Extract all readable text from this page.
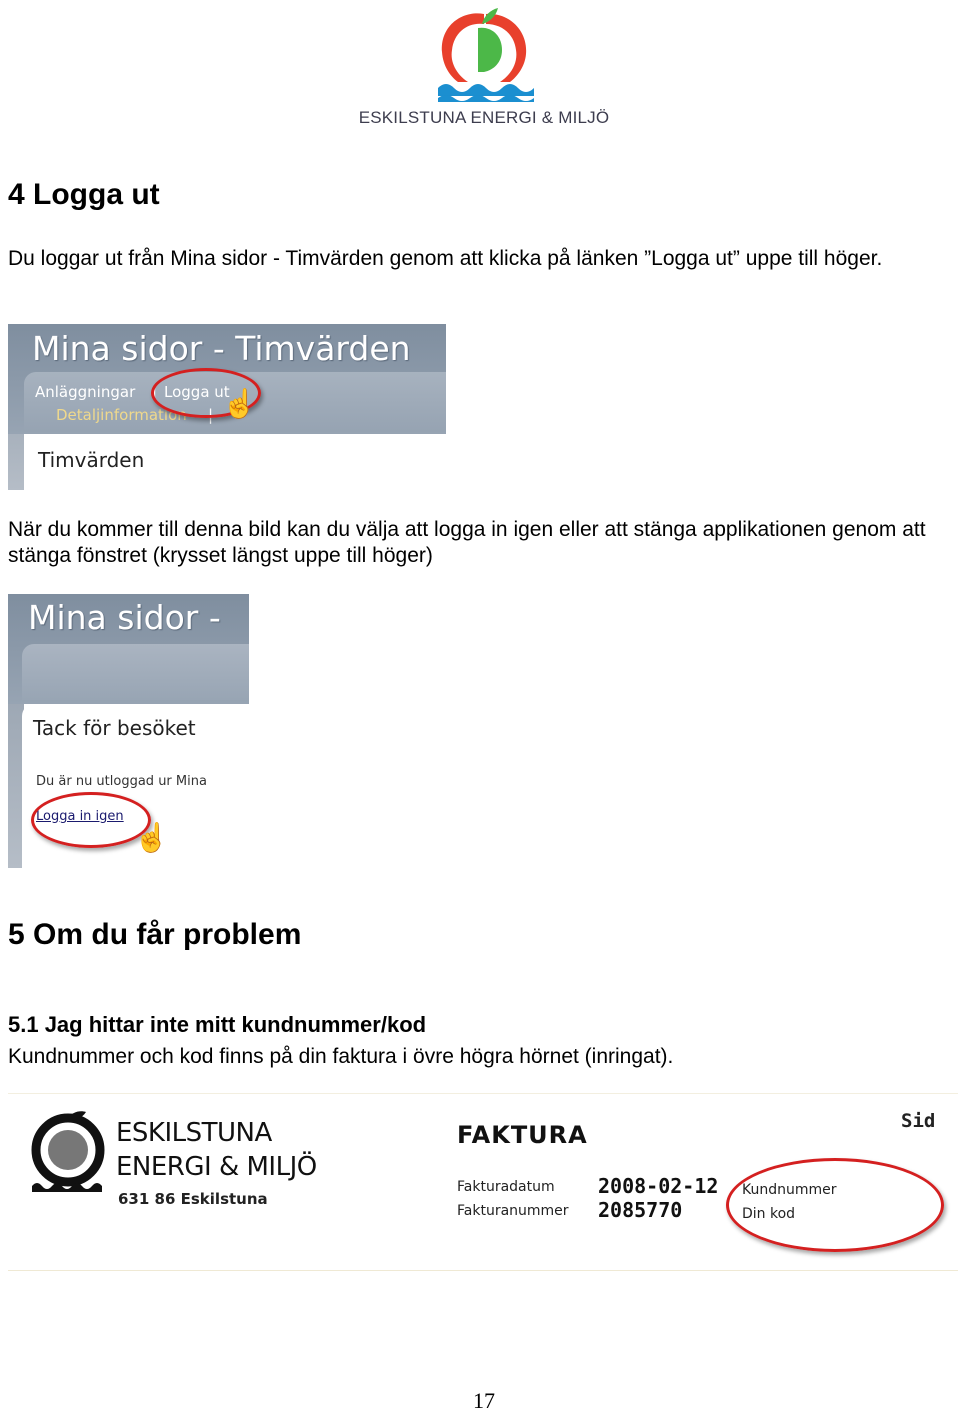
ESKILSTUNA ENERGI & MILJÖ
4 Logga ut

Du loggar ut från Mina sidor - Timvärden genom att klicka på länken ”Logga ut” uppe till höger.

Mina sidor - Timvärden
Anläggningar | Logga ut
Detaljinformation | ☝
Timvärden

När du kommer till denna bild kan du välja att logga in igen eller att stänga applikationen genom att stänga fönstret (krysset längst uppe till höger)

Mina sidor -
Tack för besöket
Du är nu utloggad ur Mina
Logga in igen
☝
5 Om du får problem
5.1 Jag hittar inte mitt kundnummer/kod

Kundnummer och kod finns på din faktura i övre högra hörnet (inringat).

ESKILSTUNA
ENERGI & MILJÖ
631 86 Eskilstuna
FAKTURA
Fakturadatum
Fakturanummer
2008-02-12
2085770
Kundnummer
Din kod
Sid
17
